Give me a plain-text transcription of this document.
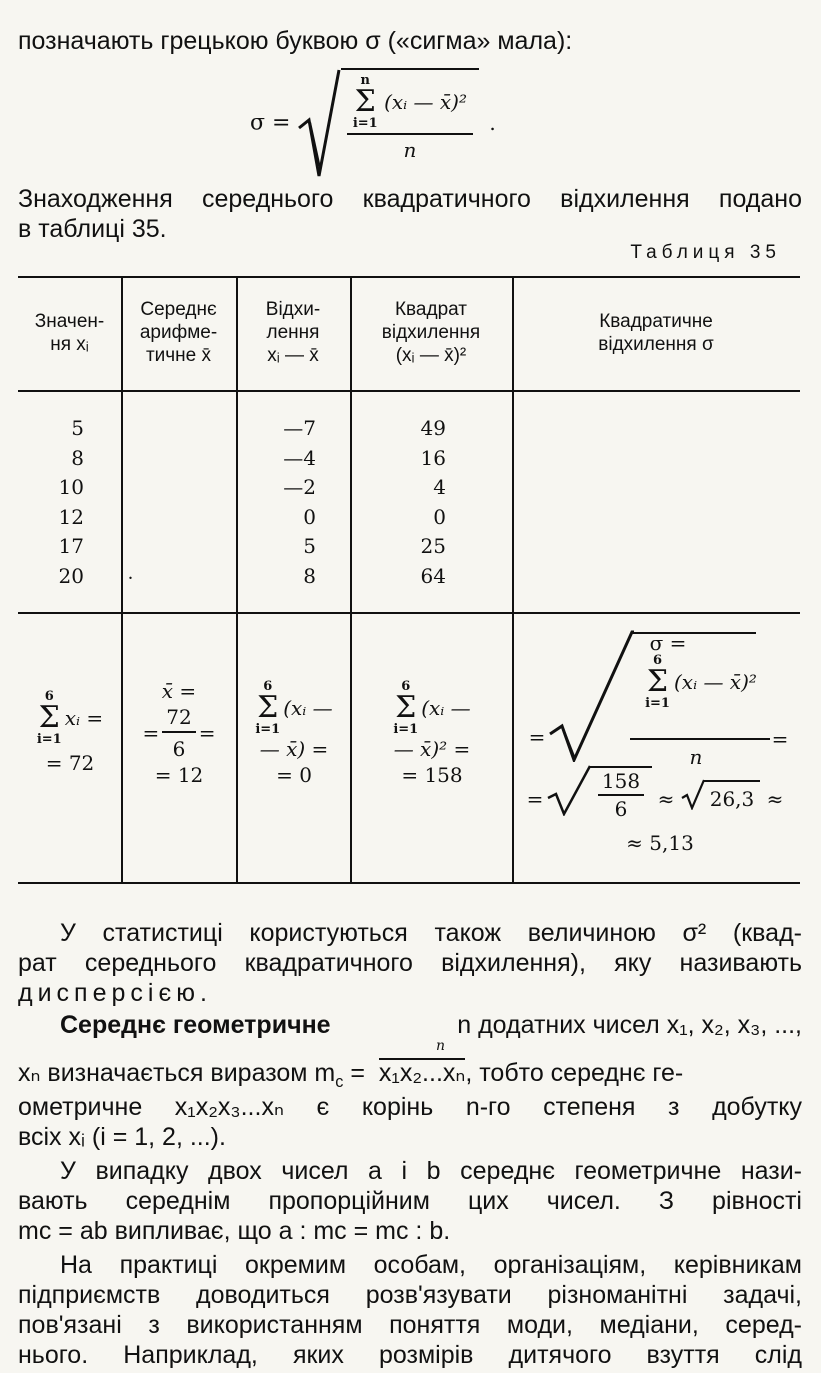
позначають грецькою буквою σ («сигма» мала):
σ =
n
Σ
i=1
(xᵢ — x̄)²
n
.
Знаходження середнього квадратичного відхилення подано
в таблиці 35.
Таблиця 35
Значен-
ня xᵢ
Середнє
арифме-
тичне x̄
Відхи-
лення
xᵢ — x̄
Квадрат
відхилення
(xᵢ — x̄)²
Квадратичне
відхилення σ
5
8
10
12
17
20 .
—7
—4
—2
0
5
8
49
16
4
0
25
64
6
Σ
i=1
xᵢ =
= 72
x̄ =
= $\frac{72}{6}$ =
= 12
6
Σ
i=1
(xᵢ —
— x̄) =
= 0
6
Σ
i=1
(xᵢ —
— x̄)² =
= 158
σ =
=
6
Σ
i=1
(xᵢ — x̄)²
n
=
=
158
6	≈ 26,3 ≈
≈ 5,13
У статистиці користуються також величиною σ² (квад-
рат середнього квадратичного відхилення), яку називають
дисперсією.
Середнє геометричне	n додатних чисел x₁, x₂, x₃, ...,
n
xₙ визначається виразом $m_с = x_1x_2...x_n$, тобто середнє ге-
ометричне x₁x₂x₃...xₙ є корінь n-го степеня з добутку
всіх xᵢ (i = 1, 2, ...).
У випадку двох чисел a і b середнє геометричне нази-
вають середнім пропорційним цих чисел. З рівності
mс = ab випливає, що a : mс = mс : b.
На практиці окремим особам, організаціям, керівникам
підприємств доводиться розв'язувати різноманітні задачі,
пов'язані з використанням поняття моди, медіани, серед-
нього. Наприклад, яких розмірів дитячого взуття слід
